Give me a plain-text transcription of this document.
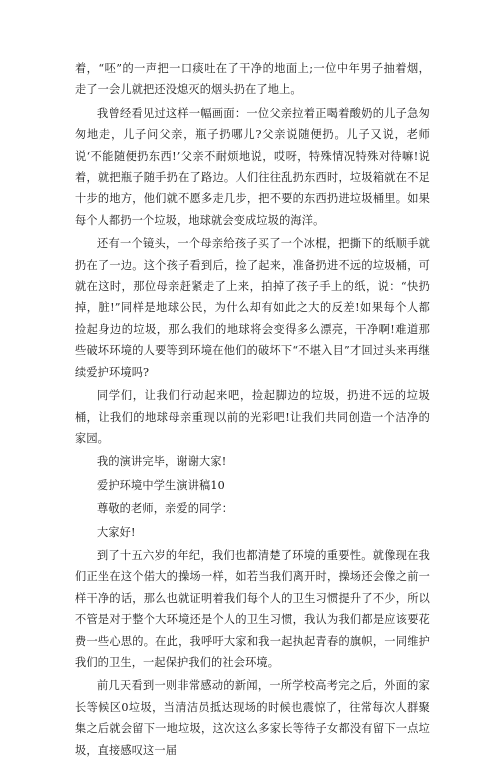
着，“呸”的一声把一口痰吐在了干净的地面上;一位中年男子抽着烟，走了一会儿就把还没熄灭的烟头扔在了地上。

我曾经看见过这样一幅画面：一位父亲拉着正喝着酸奶的儿子急匆匆地走，儿子问父亲，瓶子扔哪儿?父亲说随便扔。儿子又说，老师说‘不能随便扔东西!’父亲不耐烦地说，哎呀，特殊情况特殊对待嘛!说着，就把瓶子随手扔在了路边。人们往往乱扔东西时，垃圾箱就在不足十步的地方，他们就不愿多走几步，把不要的东西扔进垃圾桶里。如果每个人都扔一个垃圾，地球就会变成垃圾的海洋。

还有一个镜头，一个母亲给孩子买了一个冰棍，把撕下的纸顺手就扔在了一边。这个孩子看到后，捡了起来，准备扔进不远的垃圾桶，可就在这时，那位母亲赶紧走了上来，拍掉了孩子手上的纸，说：“快扔掉，脏!”同样是地球公民，为什么却有如此之大的反差!如果每个人都捡起身边的垃圾，那么我们的地球将会变得多么漂亮，干净啊!难道那些破坏环境的人要等到环境在他们的破坏下“不堪入目”才回过头来再继续爱护环境吗?

同学们，让我们行动起来吧，捡起脚边的垃圾，扔进不远的垃圾桶，让我们的地球母亲重现以前的光彩吧!让我们共同创造一个洁净的家园。

我的演讲完毕，谢谢大家!

爱护环境中学生演讲稿10

尊敬的老师，亲爱的同学：

大家好!

到了十五六岁的年纪，我们也都清楚了环境的重要性。就像现在我们正坐在这个偌大的操场一样，如若当我们离开时，操场还会像之前一样干净的话，那么也就证明着我们每个人的卫生习惯提升了不少，所以不管是对于整个大环境还是个人的卫生习惯，我认为我们都是应该要花费一些心思的。在此，我呼吁大家和我一起执起青春的旗帜，一同维护我们的卫生，一起保护我们的社会环境。

前几天看到一则非常感动的新闻，一所学校高考完之后，外面的家长等候区0垃圾，当清洁员抵达现场的时候也震惊了，往常每次人群聚集之后就会留下一地垃圾，这次这么多家长等待子女都没有留下一点垃圾，直接感叹这一届
